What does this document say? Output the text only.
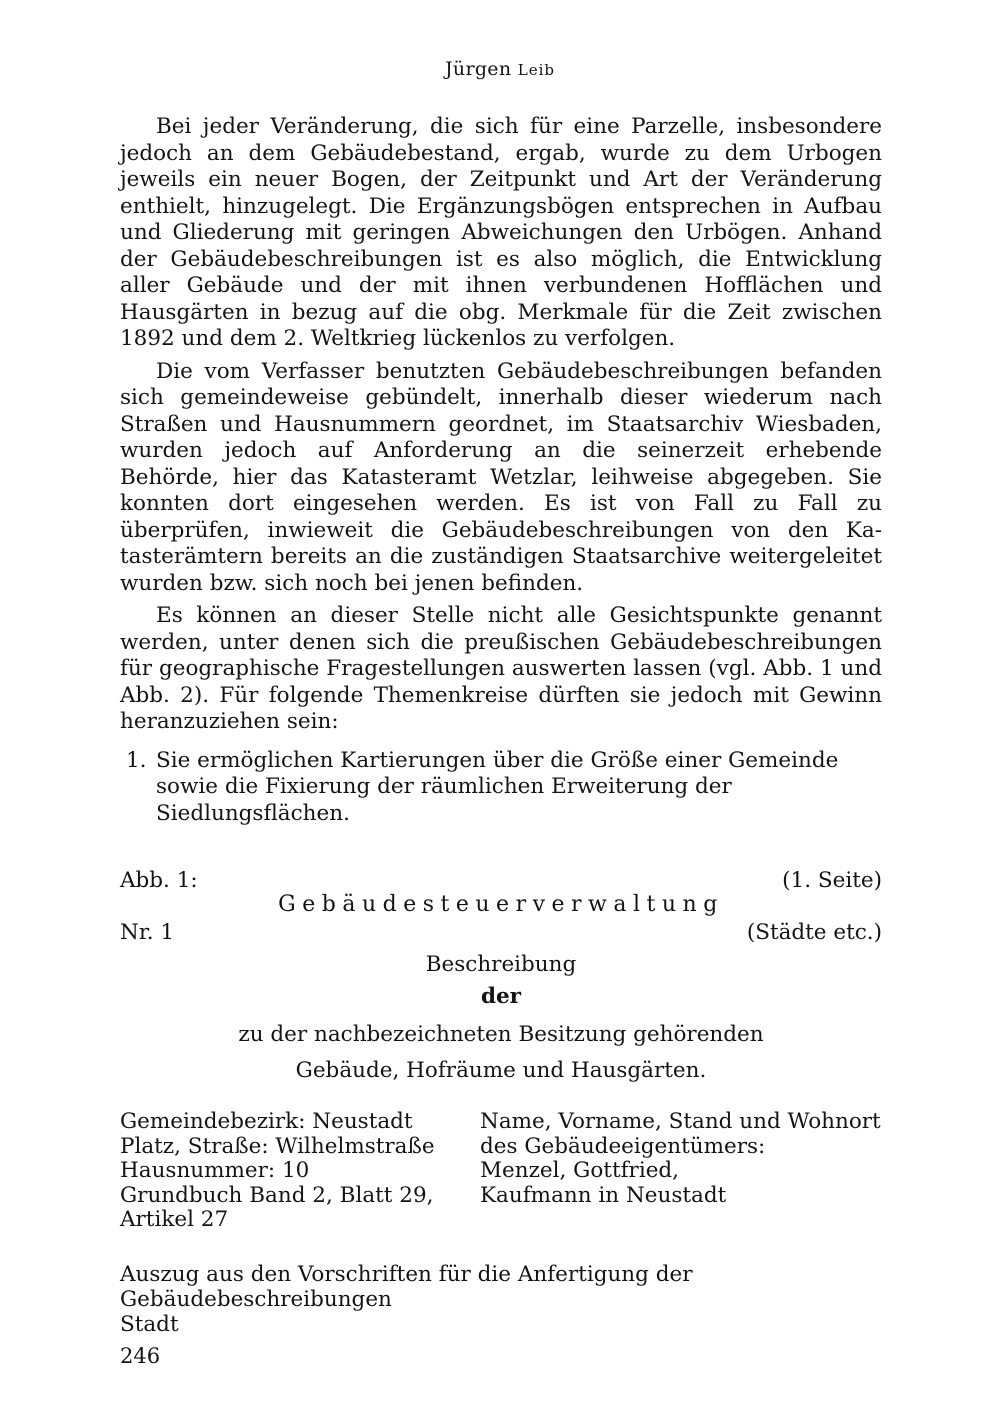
Jürgen Leib

Bei jeder Veränderung, die sich für eine Parzelle, insbesondere jedoch an dem Gebäudebestand, ergab, wurde zu dem Urbogen jeweils ein neuer Bogen, der Zeitpunkt und Art der Veränderung enthielt, hinzugelegt. Die Ergänzungsbögen entsprechen in Aufbau und Gliederung mit geringen Abweichungen den Urbögen. Anhand der Gebäudebeschreibungen ist es also möglich, die Entwicklung aller Gebäude und der mit ihnen verbundenen Hofflächen und Hausgärten in bezug auf die obg. Merkmale für die Zeit zwischen 1892 und dem 2. Weltkrieg lückenlos zu verfolgen.

Die vom Verfasser benutzten Gebäudebeschreibungen befanden sich gemeindeweise gebündelt, innerhalb dieser wiederum nach Straßen und Hausnummern geordnet, im Staatsarchiv Wiesbaden, wurden jedoch auf Anforderung an die seinerzeit erhebende Behörde, hier das Katasteramt Wetzlar, leihweise abgegeben. Sie konnten dort eingesehen werden. Es ist von Fall zu Fall zu überprüfen, inwieweit die Gebäudebeschreibungen von den Katasterämtern bereits an die zuständigen Staatsarchive weitergeleitet wurden bzw. sich noch bei jenen befinden.

Es können an dieser Stelle nicht alle Gesichtspunkte genannt werden, unter denen sich die preußischen Gebäudebeschreibungen für geographische Fragestellungen auswerten lassen (vgl. Abb. 1 und Abb. 2). Für folgende Themenkreise dürften sie jedoch mit Gewinn heranzuziehen sein:

1. Sie ermöglichen Kartierungen über die Größe einer Gemeinde sowie die Fixierung der räumlichen Erweiterung der Siedlungsflächen.
Abb. 1:	(1. Seite)
Gebäudesteuerverwaltung
Nr. 1	(Städte etc.)
Beschreibung
der
zu der nachbezeichneten Besitzung gehörenden
Gebäude, Hofräume und Hausgärten.
Gemeindebezirk: Neustadt
Platz, Straße: Wilhelmstraße
Hausnummer: 10
Grundbuch Band 2, Blatt 29,
Artikel 27
Name, Vorname, Stand und Wohnort
des Gebäudeeigentümers:
Menzel, Gottfried,
Kaufmann in Neustadt
Auszug aus den Vorschriften für die Anfertigung der Gebäudebeschreibungen
Stadt
246
